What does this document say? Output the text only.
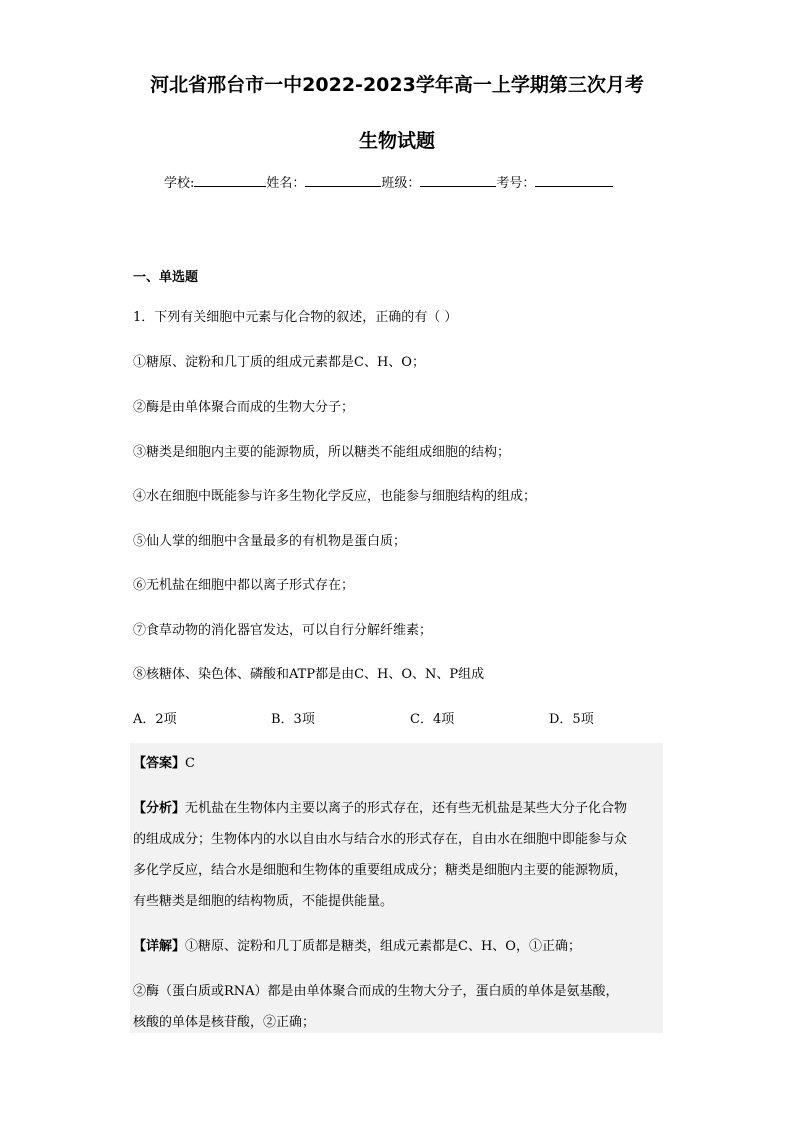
河北省邢台市一中2022-2023学年高一上学期第三次月考
生物试题
学校:	姓名：	班级：	考号：
一、单选题
1．下列有关细胞中元素与化合物的叙述，正确的有（ ）
①糖原、淀粉和几丁质的组成元素都是C、H、O；
②酶是由单体聚合而成的生物大分子；
③糖类是细胞内主要的能源物质，所以糖类不能组成细胞的结构；
④水在细胞中既能参与许多生物化学反应，也能参与细胞结构的组成；
⑤仙人掌的细胞中含量最多的有机物是蛋白质；
⑥无机盐在细胞中都以离子形式存在；
⑦食草动物的消化器官发达，可以自行分解纤维素；
⑧核糖体、染色体、磷酸和ATP都是由C、H、O、N、P组成
A．2项	B．3项	C．4项	D．5项
【答案】C
【分析】无机盐在生物体内主要以离子的形式存在，还有些无机盐是某些大分子化合物
的组成成分；生物体内的水以自由水与结合水的形式存在，自由水在细胞中即能参与众
多化学反应，结合水是细胞和生物体的重要组成成分；糖类是细胞内主要的能源物质，
有些糖类是细胞的结构物质，不能提供能量。
【详解】①糖原、淀粉和几丁质都是糖类，组成元素都是C、H、O，①正确；
②酶（蛋白质或RNA）都是由单体聚合而成的生物大分子，蛋白质的单体是氨基酸，
核酸的单体是核苷酸，②正确；
